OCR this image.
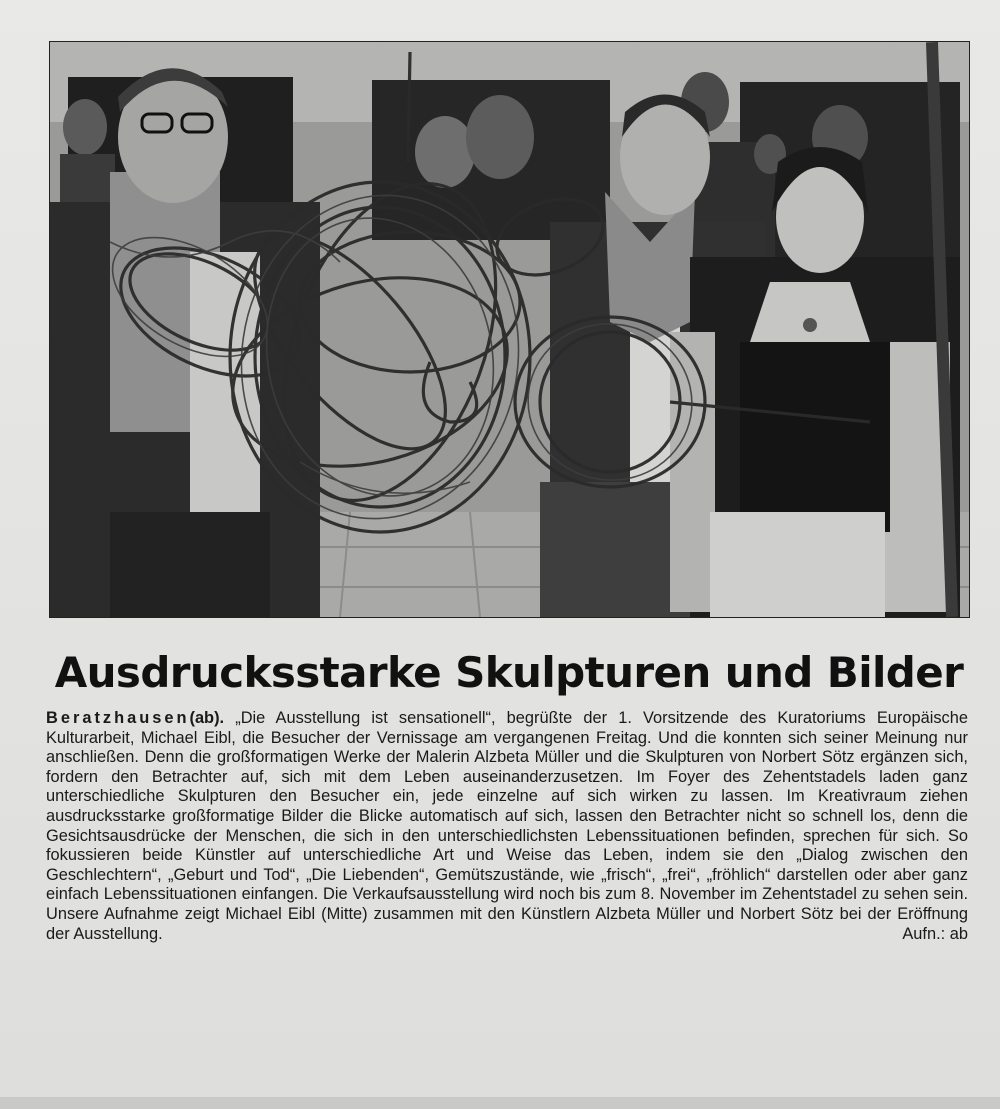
Ausdrucksstarke Skulpturen und Bilder

Beratzhausen(ab). „Die Ausstellung ist sensationell“, begrüßte der 1. Vorsitzende des Kuratoriums Europäische Kulturarbeit, Michael Eibl, die Besucher der Vernissage am vergangenen Freitag. Und die konnten sich seiner Meinung nur anschließen. Denn die großformatigen Werke der Malerin Alzbeta Müller und die Skulpturen von Norbert Sötz ergänzen sich, fordern den Betrachter auf, sich mit dem Leben auseinanderzusetzen. Im Foyer des Zehentstadels laden ganz unterschiedliche Skulpturen den Besucher ein, jede einzelne auf sich wirken zu lassen. Im Kreativraum ziehen ausdrucksstarke großformatige Bilder die Blicke automatisch auf sich, lassen den Betrachter nicht so schnell los, denn die Gesichtsausdrücke der Menschen, die sich in den unterschiedlichsten Lebenssituationen befinden, sprechen für sich. So fokussieren beide Künstler auf unterschiedliche Art und Weise das Leben, indem sie den „Dialog zwischen den Geschlechtern“, „Geburt und Tod“, „Die Liebenden“, Gemütszustände, wie „frisch“, „frei“, „fröhlich“ darstellen oder aber ganz einfach Lebenssituationen einfangen. Die Verkaufsausstellung wird noch bis zum 8. November im Zehentstadel zu sehen sein. Unsere Aufnahme zeigt Michael Eibl (Mitte) zusammen mit den Künstlern Alzbeta Müller und Norbert Sötz bei der Eröffnung der Ausstellung.	Aufn.: ab
